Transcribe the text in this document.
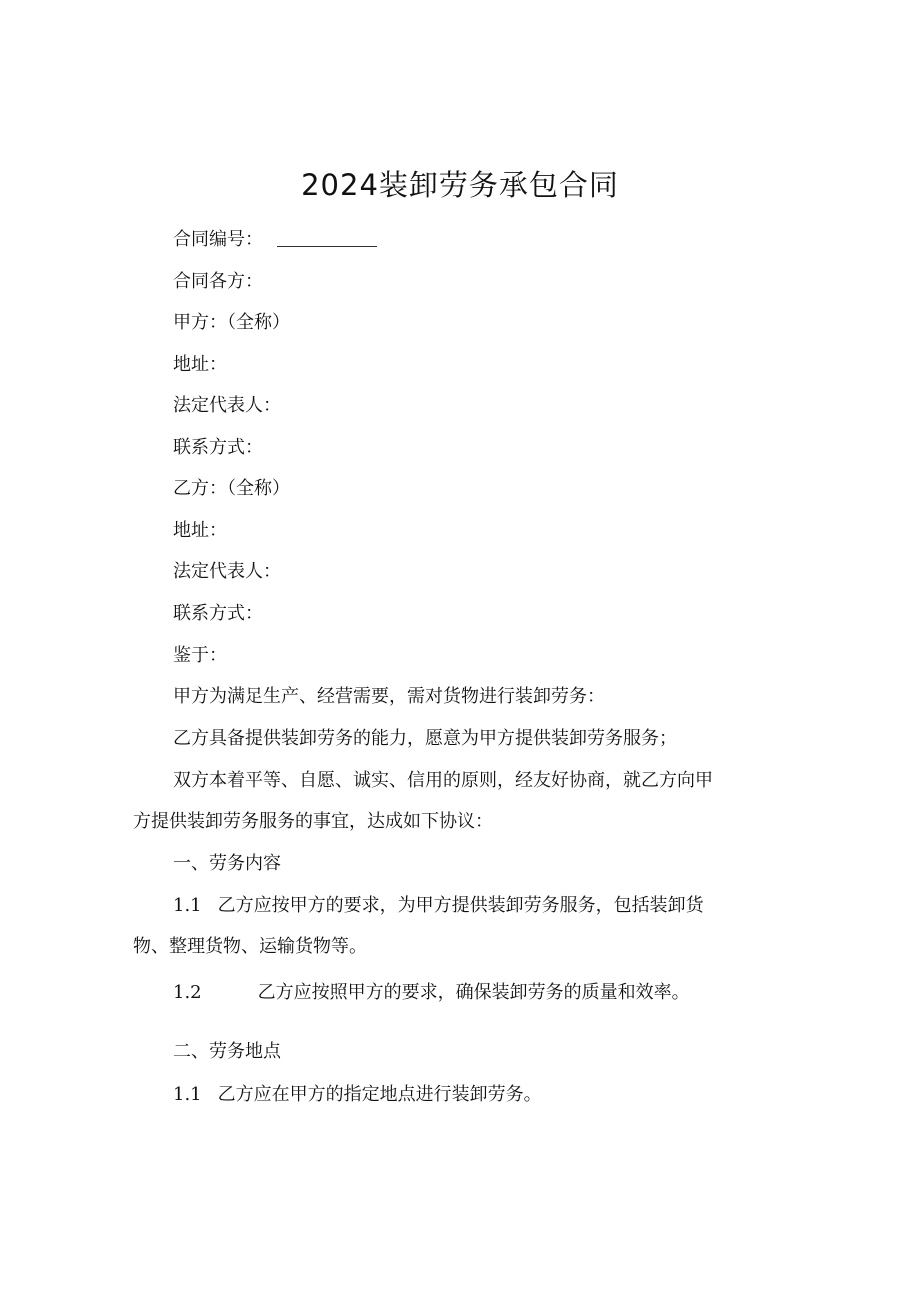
2024装卸劳务承包合同
合同编号：
合同各方：
甲方：（全称）
地址：
法定代表人：
联系方式：
乙方：（全称）
地址：
法定代表人：
联系方式：
鉴于：
甲方为满足生产、经营需要，需对货物进行装卸劳务：
乙方具备提供装卸劳务的能力，愿意为甲方提供装卸劳务服务；
双方本着平等、自愿、诚实、信用的原则，经友好协商，就乙方向甲
方提供装卸劳务服务的事宜，达成如下协议：
一、劳务内容
1.1 乙方应按甲方的要求，为甲方提供装卸劳务服务，包括装卸货
物、整理货物、运输货物等。
1.2	乙方应按照甲方的要求，确保装卸劳务的质量和效率。
二、劳务地点
1.1 乙方应在甲方的指定地点进行装卸劳务。
